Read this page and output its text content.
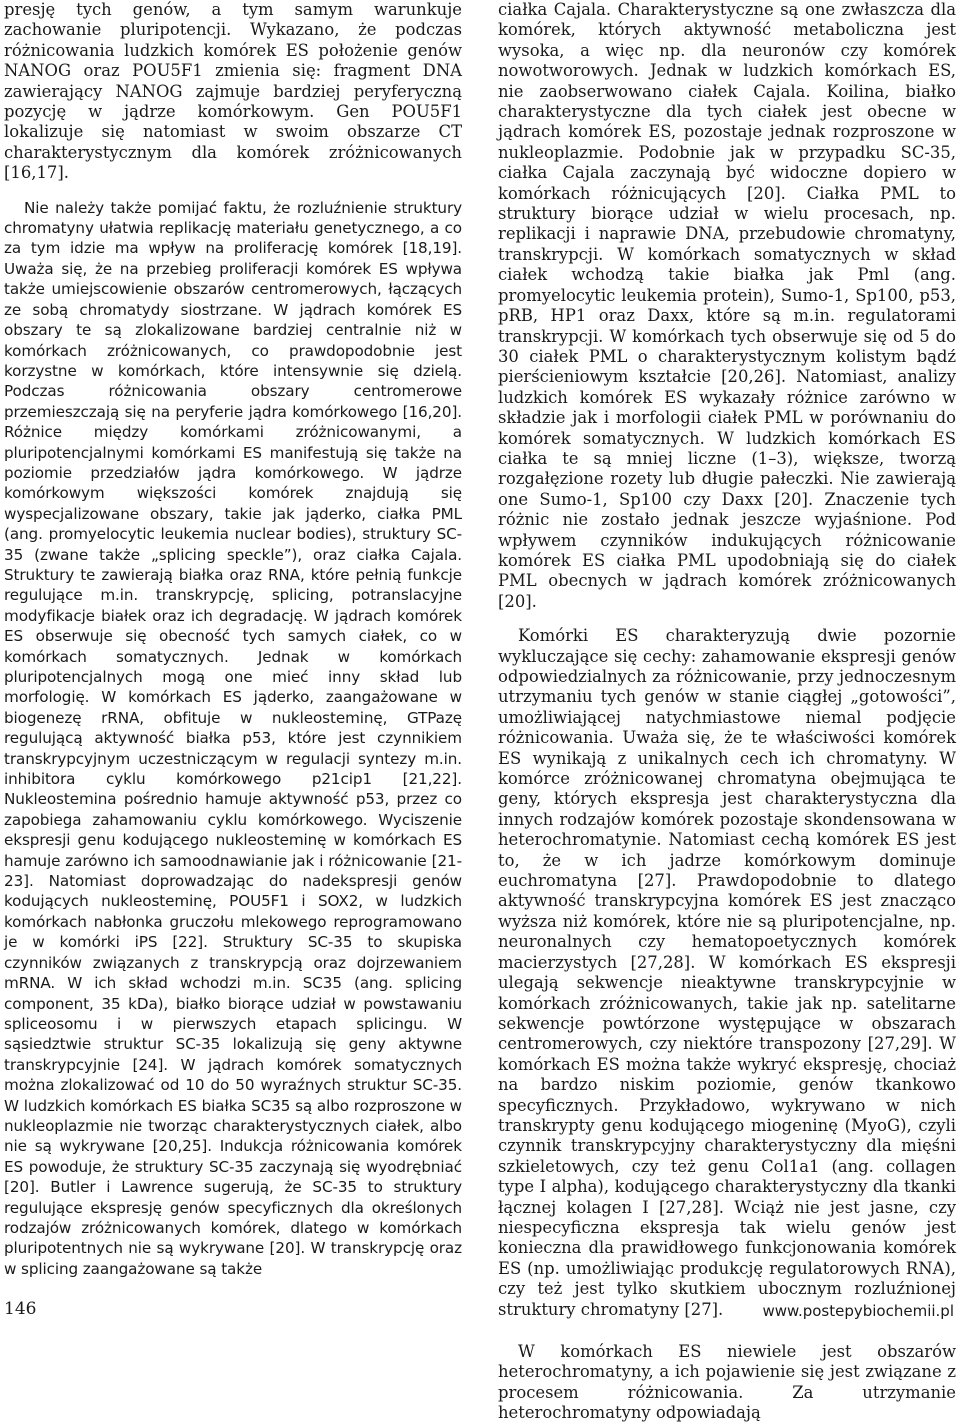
presję tych genów, a tym samym warunkuje zachowanie pluripotencji. Wykazano, że podczas różnicowania ludzkich komórek ES położenie genów NANOG oraz POU5F1 zmienia się: fragment DNA zawierający NANOG zajmuje bardziej peryferyczną pozycję w jądrze komórkowym. Gen POU5F1 lokalizuje się natomiast w swoim obszarze CT charakterystycznym dla komórek zróżnicowanych [16,17].

Nie należy także pomijać faktu, że rozluźnienie struktury chromatyny ułatwia replikację materiału genetycznego, a co za tym idzie ma wpływ na proliferację komórek [18,19]. Uważa się, że na przebieg proliferacji komórek ES wpływa także umiejscowienie obszarów centromerowych, łączących ze sobą chromatydy siostrzane. W jądrach komórek ES obszary te są zlokalizowane bardziej centralnie niż w komórkach zróżnicowanych, co prawdopodobnie jest korzystne w komórkach, które intensywnie się dzielą. Podczas różnicowania obszary centromerowe przemieszczają się na peryferie jądra komórkowego [16,20]. Różnice między komórkami zróżnicowanymi, a pluripotencjalnymi komórkami ES manifestują się także na poziomie przedziałów jądra komórkowego. W jądrze komórkowym większości komórek znajdują się wyspecjalizowane obszary, takie jak jąderko, ciałka PML (ang. promyelocytic leukemia nuclear bodies), struktury SC-35 (zwane także „splicing speckle”), oraz ciałka Cajala. Struktury te zawierają białka oraz RNA, które pełnią funkcje regulujące m.in. transkrypcję, splicing, potranslacyjne modyfikacje białek oraz ich degradację. W jądrach komórek ES obserwuje się obecność tych samych ciałek, co w komórkach somatycznych. Jednak w komórkach pluripotencjalnych mogą one mieć inny skład lub morfologię. W komórkach ES jąderko, zaangażowane w biogenezę rRNA, obfituje w nukleosteminę, GTPazę regulującą aktywność białka p53, które jest czynnikiem transkrypcyjnym uczestniczącym w regulacji syntezy m.in. inhibitora cyklu komórkowego p21cip1 [21,22]. Nukleostemina pośrednio hamuje aktywność p53, przez co zapobiega zahamowaniu cyklu komórkowego. Wyciszenie ekspresji genu kodującego nukleosteminę w komórkach ES hamuje zarówno ich samoodnawianie jak i różnicowanie [21-23]. Natomiast doprowadzając do nadekspresji genów kodujących nukleosteminę, POU5F1 i SOX2, w ludzkich komórkach nabłonka gruczołu mlekowego reprogramowano je w komórki iPS [22]. Struktury SC-35 to skupiska czynników związanych z transkrypcją oraz dojrzewaniem mRNA. W ich skład wchodzi m.in. SC35 (ang. splicing component, 35 kDa), białko biorące udział w powstawaniu spliceosomu i w pierwszych etapach splicingu. W sąsiedztwie struktur SC-35 lokalizują się geny aktywne transkrypcyjnie [24]. W jądrach komórek somatycznych można zlokalizować od 10 do 50 wyraźnych struktur SC-35. W ludzkich komórkach ES białka SC35 są albo rozproszone w nukleoplazmie nie tworząc charakterystycznych ciałek, albo nie są wykrywane [20,25]. Indukcja różnicowania komórek ES powoduje, że struktury SC-35 zaczynają się wyodrębniać [20]. Butler i Lawrence sugerują, że SC-35 to struktury regulujące ekspresję genów specyficznych dla określonych rodzajów zróżnicowanych komórek, dlatego w komórkach pluripotentnych nie są wykrywane [20]. W transkrypcję oraz w splicing zaangażowane są także

ciałka Cajala. Charakterystyczne są one zwłaszcza dla komórek, których aktywność metaboliczna jest wysoka, a więc np. dla neuronów czy komórek nowotworowych. Jednak w ludzkich komórkach ES, nie zaobserwowano ciałek Cajala. Koilina, białko charakterystyczne dla tych ciałek jest obecne w jądrach komórek ES, pozostaje jednak rozproszone w nukleoplazmie. Podobnie jak w przypadku SC-35, ciałka Cajala zaczynają być widoczne dopiero w komórkach różnicujących [20]. Ciałka PML to struktury biorące udział w wielu procesach, np. replikacji i naprawie DNA, przebudowie chromatyny, transkrypcji. W komórkach somatycznych w skład ciałek wchodzą takie białka jak Pml (ang. promyelocytic leukemia protein), Sumo-1, Sp100, p53, pRB, HP1 oraz Daxx, które są m.in. regulatorami transkrypcji. W komórkach tych obserwuje się od 5 do 30 ciałek PML o charakterystycznym kolistym bądź pierścieniowym kształcie [20,26]. Natomiast, analizy ludzkich komórek ES wykazały różnice zarówno w składzie jak i morfologii ciałek PML w porównaniu do komórek somatycznych. W ludzkich komórkach ES ciałka te są mniej liczne (1–3), większe, tworzą rozgałęzione rozety lub długie pałeczki. Nie zawierają one Sumo-1, Sp100 czy Daxx [20]. Znaczenie tych różnic nie zostało jednak jeszcze wyjaśnione. Pod wpływem czynników indukujących różnicowanie komórek ES ciałka PML upodobniają się do ciałek PML obecnych w jądrach komórek zróżnicowanych [20].

Komórki ES charakteryzują dwie pozornie wykluczające się cechy: zahamowanie ekspresji genów odpowiedzialnych za różnicowanie, przy jednoczesnym utrzymaniu tych genów w stanie ciągłej „gotowości”, umożliwiającej natychmiastowe niemal podjęcie różnicowania. Uważa się, że te właściwości komórek ES wynikają z unikalnych cech ich chromatyny. W komórce zróżnicowanej chromatyna obejmująca te geny, których ekspresja jest charakterystyczna dla innych rodzajów komórek pozostaje skondensowana w heterochromatynie. Natomiast cechą komórek ES jest to, że w ich jadrze komórkowym dominuje euchromatyna [27]. Prawdopodobnie to dlatego aktywność transkrypcyjna komórek ES jest znacząco wyższa niż komórek, które nie są pluripotencjalne, np. neuronalnych czy hematopoetycznych komórek macierzystych [27,28]. W komórkach ES ekspresji ulegają sekwencje nieaktywne transkrypcyjnie w komórkach zróżnicowanych, takie jak np. satelitarne sekwencje powtórzone występujące w obszarach centromerowych, czy niektóre transpozony [27,29]. W komórkach ES można także wykryć ekspresję, chociaż na bardzo niskim poziomie, genów tkankowo specyficznych. Przykładowo, wykrywano w nich transkrypty genu kodującego miogeninę (MyoG), czyli czynnik transkrypcyjny charakterystyczny dla mięśni szkieletowych, czy też genu Col1a1 (ang. collagen type I alpha), kodującego charakterystyczny dla tkanki łącznej kolagen I [27,28]. Wciąż nie jest jasne, czy niespecyficzna ekspresja tak wielu genów jest konieczna dla prawidłowego funkcjonowania komórek ES (np. umożliwiając produkcję regulatorowych RNA), czy też jest tylko skutkiem ubocznym rozluźnionej struktury chromatyny [27].

W komórkach ES niewiele jest obszarów heterochromatyny, a ich pojawienie się jest związane z procesem różnicowania. Za utrzymanie heterochromatyny odpowiadają

146	www.postepybiochemii.pl
